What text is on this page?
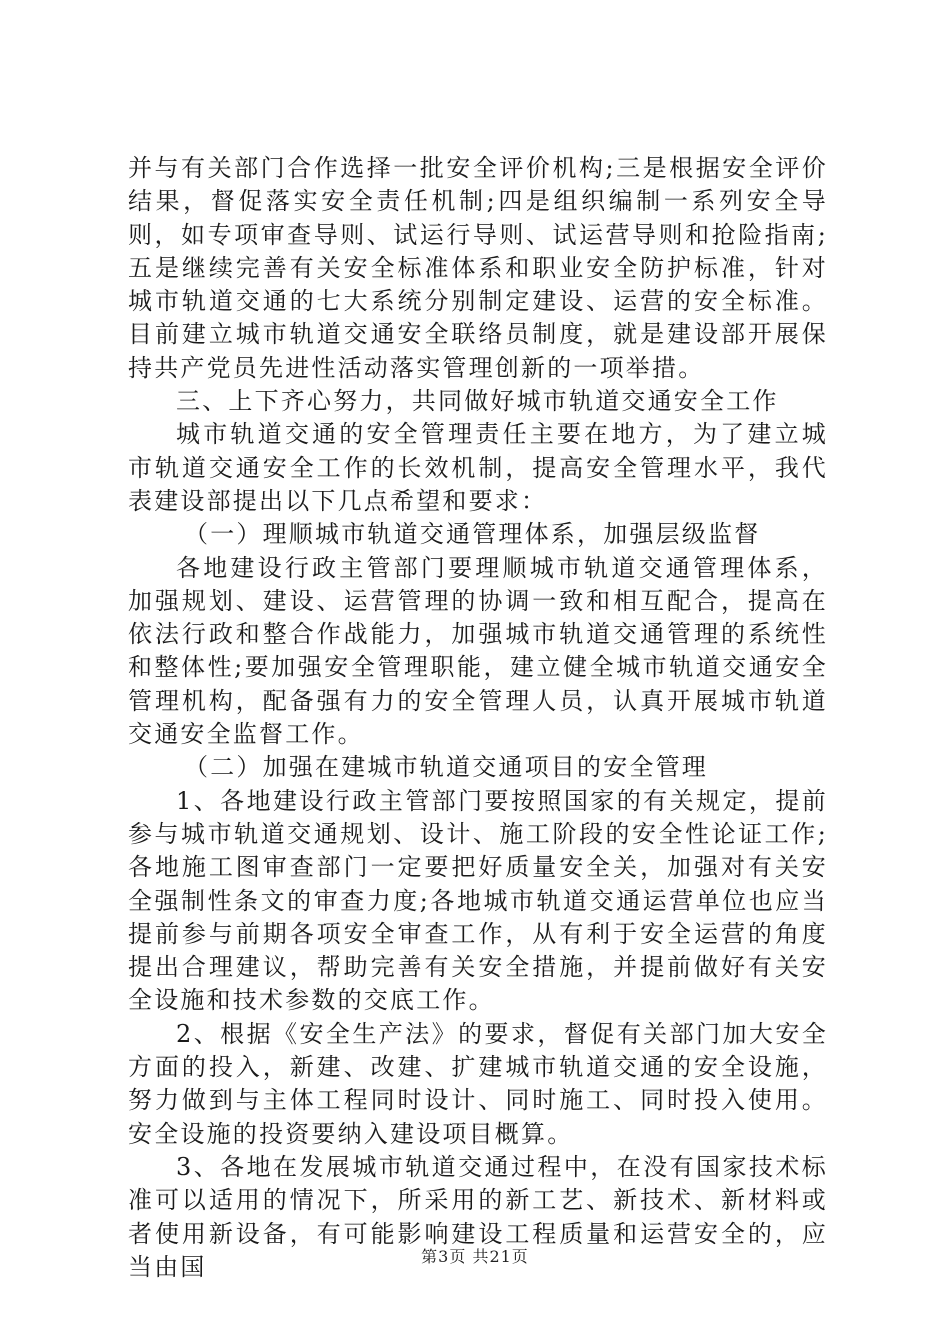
并与有关部门合作选择一批安全评价机构;三是根据安全评价结果，督促落实安全责任机制;四是组织编制一系列安全导则，如专项审查导则、试运行导则、试运营导则和抢险指南;五是继续完善有关安全标准体系和职业安全防护标准，针对城市轨道交通的七大系统分别制定建设、运营的安全标准。目前建立城市轨道交通安全联络员制度，就是建设部开展保持共产党员先进性活动落实管理创新的一项举措。

三、上下齐心努力，共同做好城市轨道交通安全工作

城市轨道交通的安全管理责任主要在地方，为了建立城市轨道交通安全工作的长效机制，提高安全管理水平，我代表建设部提出以下几点希望和要求：

（一）理顺城市轨道交通管理体系，加强层级监督

各地建设行政主管部门要理顺城市轨道交通管理体系，加强规划、建设、运营管理的协调一致和相互配合，提高在依法行政和整合作战能力，加强城市轨道交通管理的系统性和整体性;要加强安全管理职能，建立健全城市轨道交通安全管理机构，配备强有力的安全管理人员，认真开展城市轨道交通安全监督工作。

（二）加强在建城市轨道交通项目的安全管理

1、各地建设行政主管部门要按照国家的有关规定，提前参与城市轨道交通规划、设计、施工阶段的安全性论证工作;各地施工图审查部门一定要把好质量安全关，加强对有关安全强制性条文的审查力度;各地城市轨道交通运营单位也应当提前参与前期各项安全审查工作，从有利于安全运营的角度提出合理建议，帮助完善有关安全措施，并提前做好有关安全设施和技术参数的交底工作。

2、根据《安全生产法》的要求，督促有关部门加大安全方面的投入，新建、改建、扩建城市轨道交通的安全设施，努力做到与主体工程同时设计、同时施工、同时投入使用。安全设施的投资要纳入建设项目概算。

3、各地在发展城市轨道交通过程中，在没有国家技术标准可以适用的情况下，所采用的新工艺、新技术、新材料或者使用新设备，有可能影响建设工程质量和运营安全的，应当由国	第3页 共21页
